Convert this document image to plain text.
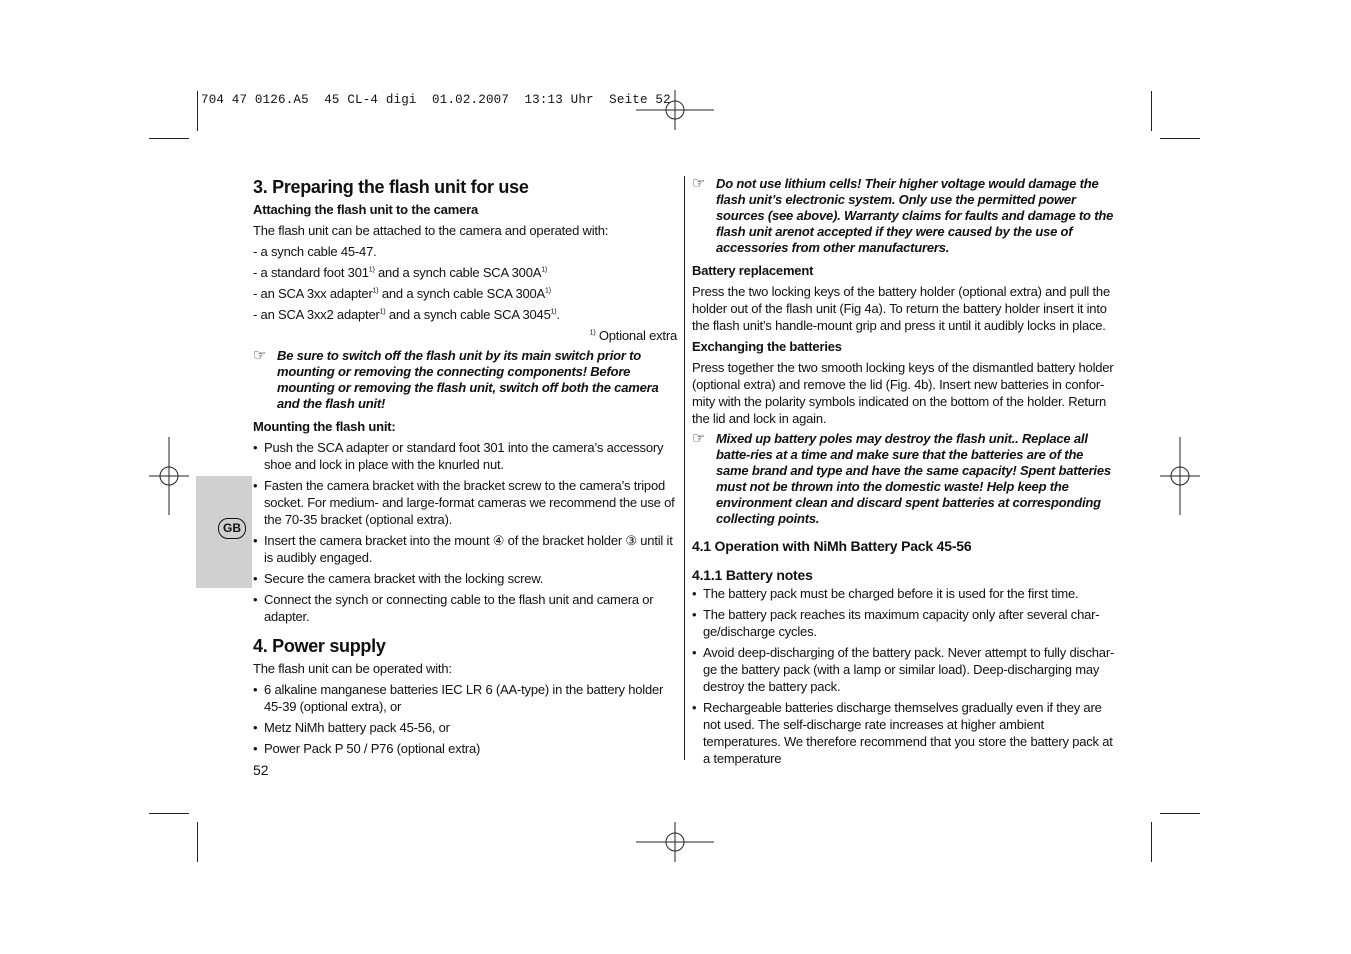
704 47 0126.A5  45 CL-4 digi  01.02.2007  13:13 Uhr  Seite 52
GB
3. Preparing the flash unit for use
Attaching the flash unit to the camera

The flash unit can be attached to the camera and operated with:

- a synch cable 45-47.

- a standard foot 301$^{1)}$ and a synch cable SCA $300A^{1)}$

- an SCA 3xx adapter$^{1)}$ and a synch cable SCA $300A^{1)}$

- an SCA 3xx2 adapter$^{1)}$ and a synch cable SCA 3045$^{1)}$.

$^{1)}$ Optional extra

☞ Be sure to switch off the flash unit by its main switch prior to mounting or removing the connecting components! Before mounting or removing the flash unit, switch off both the camera and the flash unit!
Mounting the flash unit:
• Push the SCA adapter or standard foot 301 into the camera’s accessory shoe and lock in place with the knurled nut.
• Fasten the camera bracket with the bracket screw to the camera’s tripod socket. For medium- and large-format cameras we recommend the use of the 70-35 bracket (optional extra).
• Insert the camera bracket into the mount ④ of the bracket holder ③ until it is audibly engaged.
• Secure the camera bracket with the locking screw.
• Connect the synch or connecting cable to the flash unit and camera or adapter.
4. Power supply

The flash unit can be operated with:

• 6 alkaline manganese batteries IEC LR 6 (AA-type) in the battery holder 45-39 (optional extra), or
• Metz NiMh battery pack 45-56, or
• Power Pack P 50 / P76 (optional extra)
52
☞ Do not use lithium cells! Their higher voltage would damage the flash unit’s electronic system. Only use the permitted power sources (see above). Warranty claims for faults and damage to the flash unit arenot accepted if they were caused by the use of accessories from other manufacturers.
Battery replacement

Press the two locking keys of the battery holder (optional extra) and pull the holder out of the flash unit (Fig 4a). To return the battery holder insert it into the flash unit’s handle-mount grip and press it until it audibly locks in place.

Exchanging the batteries

Press together the two smooth locking keys of the dismantled battery holder (optional extra) and remove the lid (Fig. 4b). Insert new batteries in confor-mity with the polarity symbols indicated on the bottom of the holder. Return the lid and lock in again.

☞ Mixed up battery poles may destroy the flash unit.. Replace all batte-ries at a time and make sure that the batteries are of the same brand and type and have the same capacity! Spent batteries must not be thrown into the domestic waste! Help keep the environment clean and discard spent batteries at corresponding collecting points.
4.1 Operation with NiMh Battery Pack 45-56
4.1.1 Battery notes
• The battery pack must be charged before it is used for the first time.
• The battery pack reaches its maximum capacity only after several char-ge/discharge cycles.
• Avoid deep-discharging of the battery pack. Never attempt to fully dischar-ge the battery pack (with a lamp or similar load). Deep-discharging may destroy the battery pack.
• Rechargeable batteries discharge themselves gradually even if they are not used. The self-discharge rate increases at higher ambient temperatures. We therefore recommend that you store the battery pack at a temperature
